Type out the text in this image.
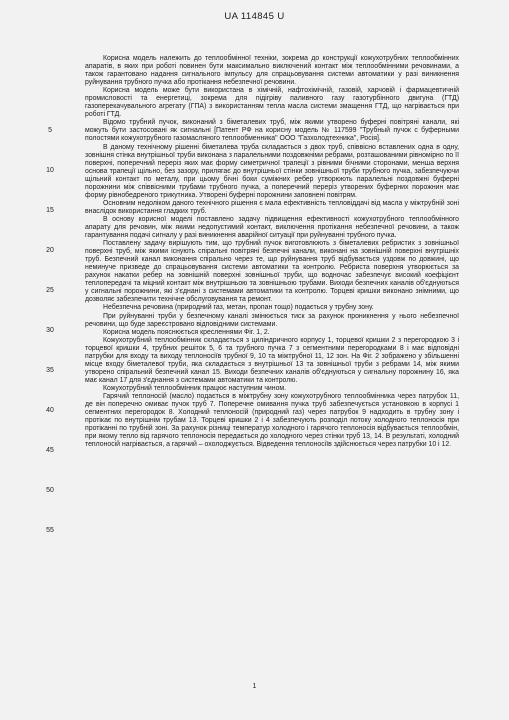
UA 114845 U
5
10
15
20
25
30
35
40
45
50
55

Корисна модель належить до теплообмінної техніки, зокрема до конструкції кожухотрубних теплообмінних апаратів, в яких при роботі повинен бути максимально виключений контакт між теплообмінними речовинами, а також гарантовано надання сигнального імпульсу для спрацьовування системи автоматики у разі виникнення руйнування трубного пучка або протікання небезпечної речовини.

Корисна модель може бути використана в хімічній, нафтохімічній, газовій, харчовій і фармацевтичній промисловості та енергетиці, зокрема для підігріву паливного газу газотурбінного двигуна (ГТД) газоперекачувального агрегату (ГПА) з використанням тепла масла системи змащення ГТД, що нагрівається при роботі ГТД.

Відомо трубний пучок, виконаний з біметалевих труб, між якими утворено буферні повітряні канали, які можуть бути застосовані як сигнальні [Патент РФ на корисну модель № 117599 "Трубный пучок с буферными полостями кожухотрубного газомасляного теплообменника" ООО "Газхолодтехника", Росія].

В даному технічному рішенні біметалева труба складається з двох труб, співвісно вставлених одна в одну, зовнішня стінка внутрішньої труби виконана з паралельними поздовжніми ребрами, розташованими рівномірно по її поверхні, поперечний переріз яких має форму симетричної трапеції з рівними бічними сторонами, менша верхня основа трапеції щільно, без зазору, прилягає до внутрішньої стінки зовнішньої труби трубного пучка, забезпечуючи щільний контакт по металу, при цьому бічні боки суміжних ребер утворюють паралельні поздовжні буферні порожнини між співвісними трубами трубного пучка, а поперечний переріз утворених буферних порожнин має форму рівнобедреного трикутника. Утворені буферні порожнини заповнені повітрям.

Основним недоліком даного технічного рішення є мала ефективність тепловіддачі від масла у міжтрубній зоні внаслідок використання гладких труб.

В основу корисної моделі поставлено задачу підвищення ефективності кожухотрубного теплообмінного апарату для речовин, між якими недопустимий контакт, виключення протікання небезпечної речовини, а також гарантування подачі сигналу у разі виникнення аварійної ситуації при руйнуванні трубного пучка.

Поставлену задачу вирішують тим, що трубний пучок виготовлюють з біметалевих ребристих з зовнішньої поверхні труб, між якими існують спіральні повітряні безпечні канали, виконані на зовнішній поверхні внутрішніх труб. Безпечний канал виконання спірально через те, що руйнування труб відбувається уздовж по довжині, що неминуче призведе до спрацьовування системи автоматики та контролю. Ребриста поверхня утворюється за рахунок накатки ребер на зовнішній поверхні зовнішньої труби, що водночас забезпечує високий коефіцієнт теплопередачі та міцний контакт між внутрішньою та зовнішньою трубами. Виходи безпечних каналів об'єднуються у сигнальні порожнини, які з'єднані з системами автоматики та контролю. Торцеві кришки виконано знімними, що дозволяє забезпечити технічне обслуговування та ремонт.

Небезпечна речовина (природний газ, метан, пропан тощо) подається у трубну зону.

При руйнуванні труби у безпечному каналі змінюється тиск за рахунок проникнення у нього небезпечної речовини, що буде зареєстровано відповідними системами.

Корисна модель пояснюється кресленнями Фіг. 1, 2.

Кожухотрубний теплообмінник складається з циліндричного корпусу 1, торцевої кришки 2 з перегородкою 3 і торцевої кришки 4, трубних решіток 5, 6 та трубного пучка 7 з сегментними перегородками 8 і має відповідні патрубки для входу та виходу теплоносіїв трубної 9, 10 та міжтрубної 11, 12 зон. На Фіг. 2 зображено у збільшенні місце входу біметалевої труби, яка складається з внутрішньої 13 та зовнішньої труби з ребрами 14, між якими утворено спіральний безпечний канал 15. Виходи безпечних каналів об'єднуються у сигнальну порожнину 16, яка має канал 17 для з'єднання з системами автоматики та контролю.

Кожухотрубний теплообмінник працює наступним чином.

Гарячий теплоносій (масло) подається в міжтрубну зону кожухотрубного теплообмінника через патрубок 11, де він поперечно омиває пучок труб 7. Поперечне омивання пучка труб забезпечується установкою в корпусі 1 сегментних перегородок 8. Холодний теплоносій (природний газ) через патрубок 9 надходить в трубну зону і протікає по внутрішнім трубам 13. Торцеві кришки 2 і 4 забезпечують розподіл потоку холодного теплоносія при протіканні по трубній зоні. За рахунок різниці температур холодного і гарячого теплоносія відбувається теплообмін, при якому тепло від гарячого теплоносія передається до холодного через стінки труб 13, 14. В результаті, холодний теплоносій нагрівається, а гарячий – охолоджується. Відведення теплоносіїв здійснюється через патрубки 10 і 12.

1
